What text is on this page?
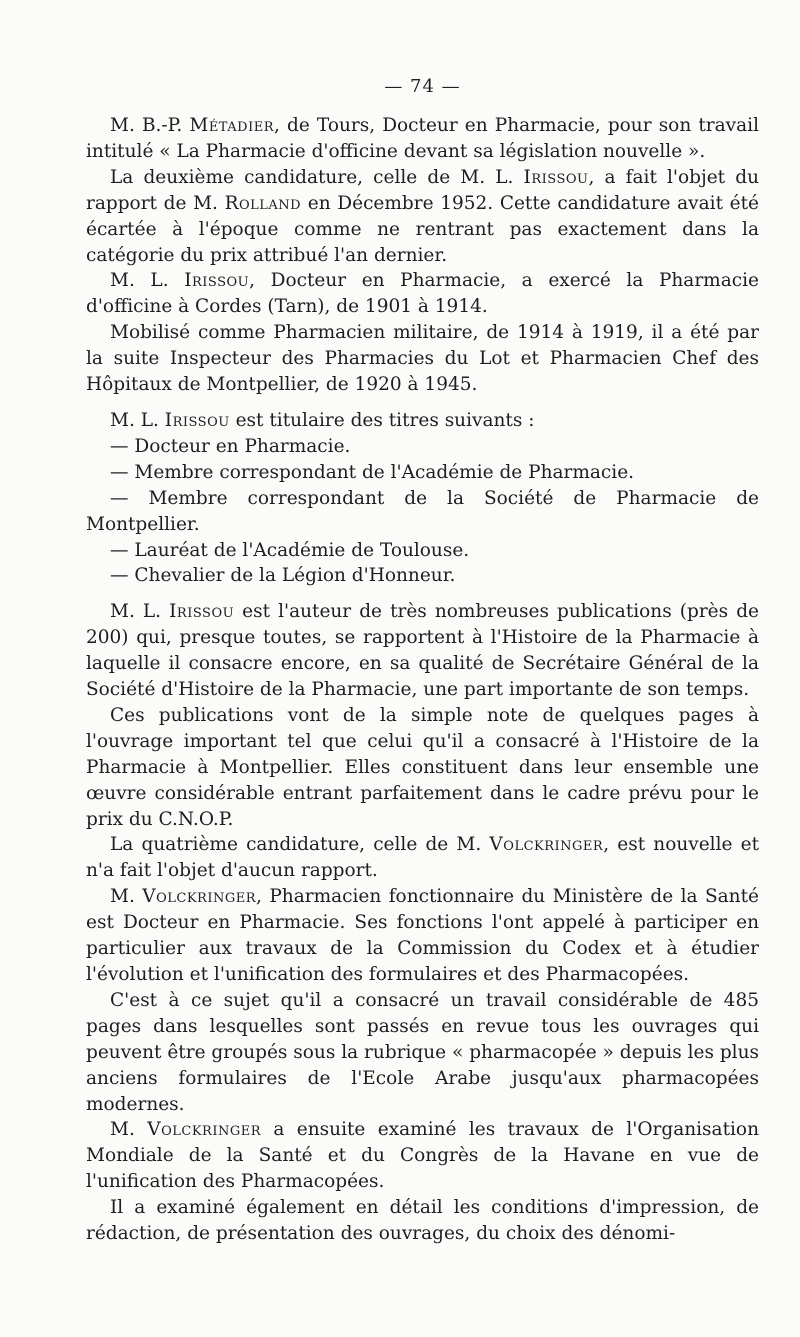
— 74 —

M. B.-P. Métadier, de Tours, Docteur en Pharmacie, pour son travail intitulé « La Pharmacie d'officine devant sa législation nouvelle ».

La deuxième candidature, celle de M. L. Irissou, a fait l'objet du rapport de M. Rolland en Décembre 1952. Cette candidature avait été écartée à l'époque comme ne rentrant pas exactement dans la catégorie du prix attribué l'an dernier.

M. L. Irissou, Docteur en Pharmacie, a exercé la Pharmacie d'officine à Cordes (Tarn), de 1901 à 1914.

Mobilisé comme Pharmacien militaire, de 1914 à 1919, il a été par la suite Inspecteur des Pharmacies du Lot et Pharmacien Chef des Hôpitaux de Montpellier, de 1920 à 1945.

M. L. Irissou est titulaire des titres suivants :

— Docteur en Pharmacie.

— Membre correspondant de l'Académie de Pharmacie.

— Membre correspondant de la Société de Pharmacie de Montpellier.

— Lauréat de l'Académie de Toulouse.

— Chevalier de la Légion d'Honneur.

M. L. Irissou est l'auteur de très nombreuses publications (près de 200) qui, presque toutes, se rapportent à l'Histoire de la Pharmacie à laquelle il consacre encore, en sa qualité de Secrétaire Général de la Société d'Histoire de la Pharmacie, une part importante de son temps.

Ces publications vont de la simple note de quelques pages à l'ouvrage important tel que celui qu'il a consacré à l'Histoire de la Pharmacie à Montpellier. Elles constituent dans leur ensemble une œuvre considérable entrant parfaitement dans le cadre prévu pour le prix du C.N.O.P.

La quatrième candidature, celle de M. Volckringer, est nouvelle et n'a fait l'objet d'aucun rapport.

M. Volckringer, Pharmacien fonctionnaire du Ministère de la Santé est Docteur en Pharmacie. Ses fonctions l'ont appelé à participer en particulier aux travaux de la Commission du Codex et à étudier l'évolution et l'unification des formulaires et des Pharmacopées.

C'est à ce sujet qu'il a consacré un travail considérable de 485 pages dans lesquelles sont passés en revue tous les ouvrages qui peuvent être groupés sous la rubrique « pharmacopée » depuis les plus anciens formulaires de l'Ecole Arabe jusqu'aux pharmacopées modernes.

M. Volckringer a ensuite examiné les travaux de l'Organisation Mondiale de la Santé et du Congrès de la Havane en vue de l'unification des Pharmacopées.

Il a examiné également en détail les conditions d'impression, de rédaction, de présentation des ouvrages, du choix des dénomi-
